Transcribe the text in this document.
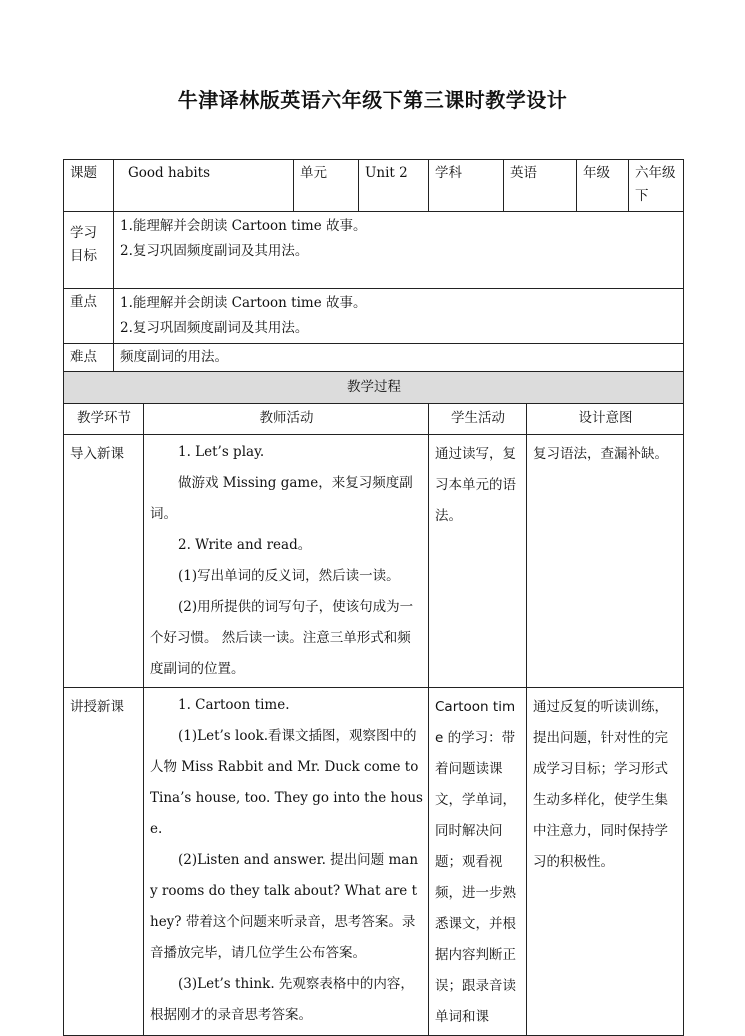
牛津译林版英语六年级下第三课时教学设计
课题	Good habits		单元	Unit 2	学科	英语		年级	六年级下
学习目标	1.能理解并会朗读 Cartoon time 故事。

2.复习巩固频度副词及其用法。								

重点	1.能理解并会朗读 Cartoon time 故事。

2.复习巩固频度副词及其用法。								

难点	频度副词的用法。								
教学过程									
教学环节		教师活动			学生活动		设计意图		
导入新课		1. Let’s play.

做游戏 Missing game，来复习频度副词。

2. Write and read。

(1)写出单词的反义词，然后读一读。

(2)用所提供的词写句子，使该句成为一个好习惯。 然后读一读。注意三单形式和频度副词的位置。			通过读写，复习本单元的语法。		复习语法，查漏补缺。		
讲授新课		1. Cartoon time.

(1)Let’s look.看课文插图，观察图中的人物 Miss Rabbit and Mr. Duck come to Tina’s house, too. They go into the house.

(2)Listen and answer. 提出问题 many rooms do they talk about? What are they? 带着这个问题来听录音，思考答案。录音播放完毕，请几位学生公布答案。

(3)Let’s think. 先观察表格中的内容，根据刚才的录音思考答案。			Cartoon time 的学习：带着问题读课文，学单词，同时解决问题；观看视频，进一步熟悉课文，并根据内容判断正误；跟录音读单词和课		通过反复的听读训练，提出问题，针对性的完成学习目标；学习形式生动多样化，使学生集中注意力，同时保持学习的积极性。		
